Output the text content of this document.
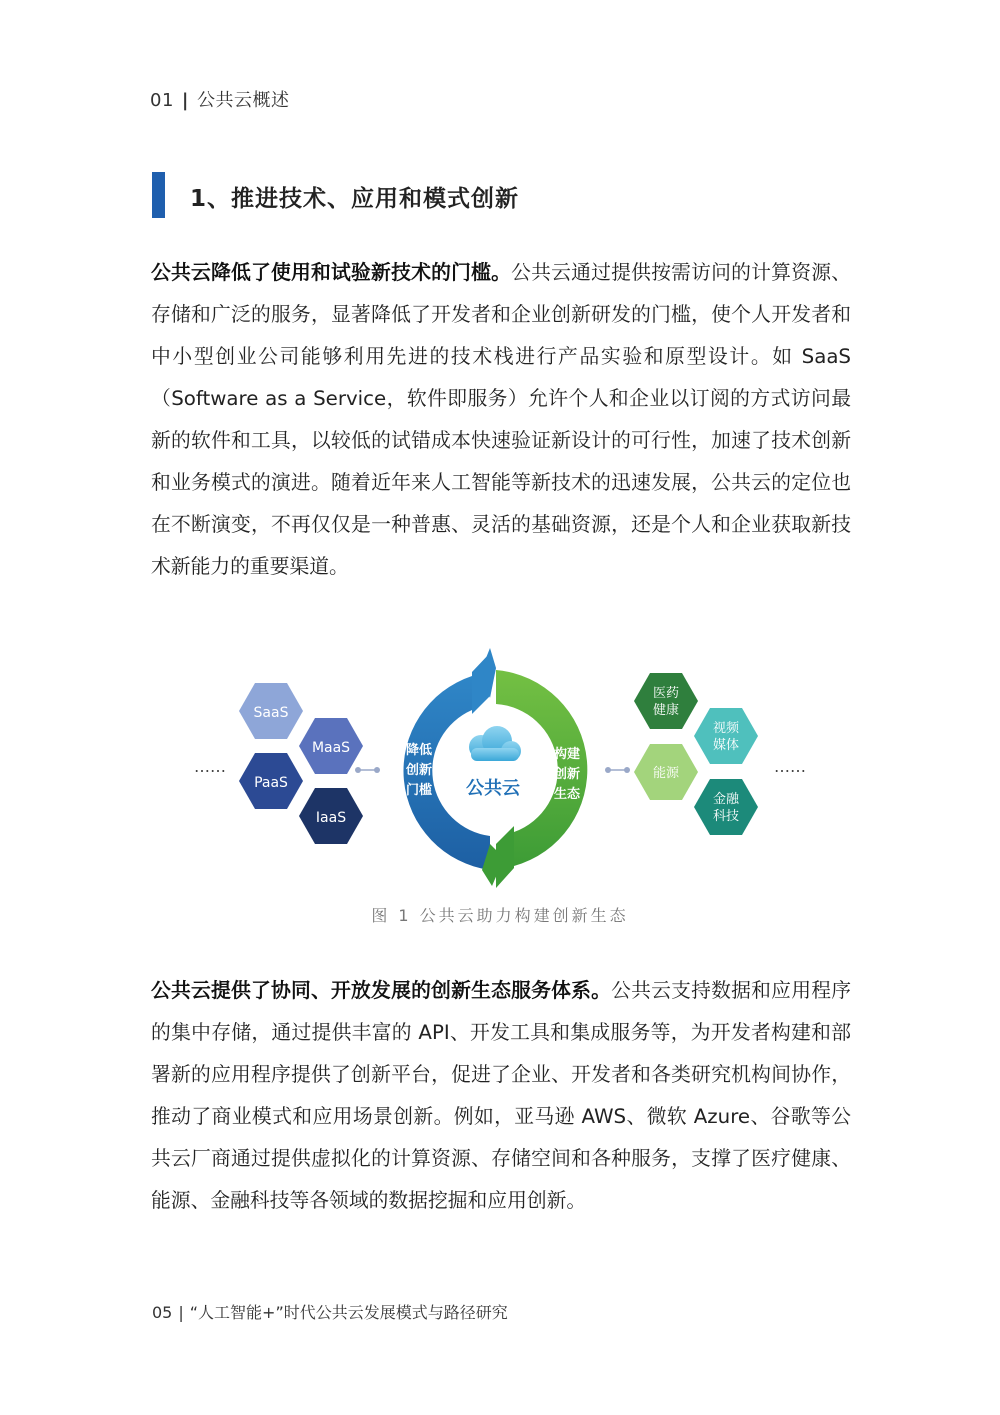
01 | 公共云概述
1、推进技术、应用和模式创新

公共云降低了使用和试验新技术的门槛。公共云通过提供按需访问的计算资源、存储和广泛的服务，显著降低了开发者和企业创新研发的门槛，使个人开发者和中小型创业公司能够利用先进的技术栈进行产品实验和原型设计。如 SaaS（Software as a Service，软件即服务）允许个人和企业以订阅的方式访问最新的软件和工具，以较低的试错成本快速验证新设计的可行性，加速了技术创新和业务模式的演进。随着近年来人工智能等新技术的迅速发展，公共云的定位也在不断演变，不再仅仅是一种普惠、灵活的基础资源，还是个人和企业获取新技术新能力的重要渠道。

……
SaaS
MaaS
PaaS
IaaS
降低
创新
门槛
构建
创新
生态
公共云
医药
健康
视频
媒体
能源
金融
科技
……
图 1 公共云助力构建创新生态

公共云提供了协同、开放发展的创新生态服务体系。公共云支持数据和应用程序的集中存储，通过提供丰富的 API、开发工具和集成服务等，为开发者构建和部署新的应用程序提供了创新平台，促进了企业、开发者和各类研究机构间协作，推动了商业模式和应用场景创新。例如，亚马逊 AWS、微软 Azure、谷歌等公共云厂商通过提供虚拟化的计算资源、存储空间和各种服务，支撑了医疗健康、能源、金融科技等各领域的数据挖掘和应用创新。

05 | “人工智能+”时代公共云发展模式与路径研究
